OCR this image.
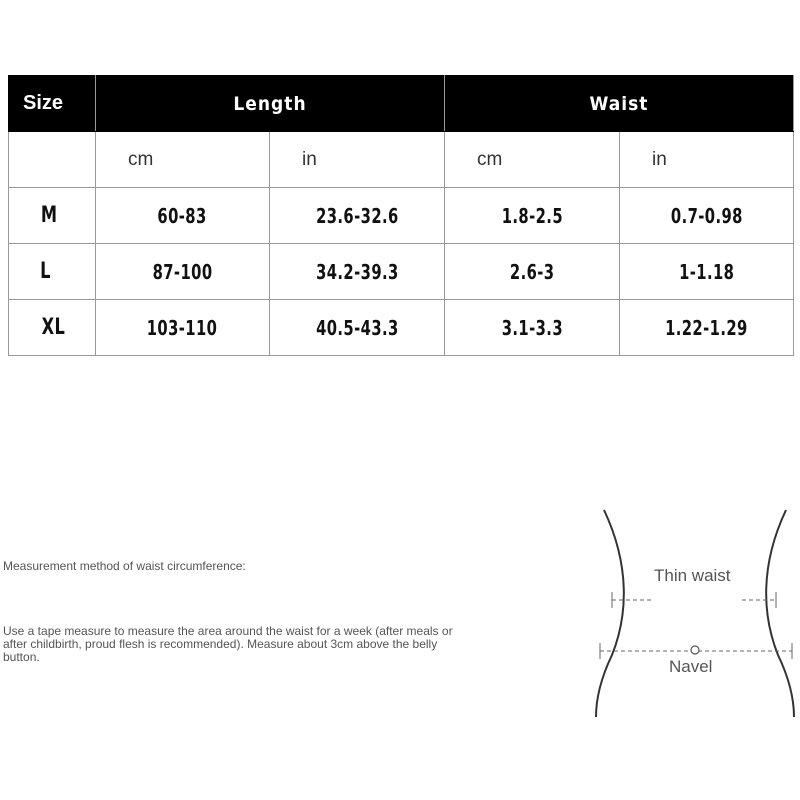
Size	Length		Waist	
	cm	in	cm	in
M	60-83	23.6-32.6	1.8-2.5	0.7-0.98
L	87-100	34.2-39.3	2.6-3	1-1.18
XL	103-110	40.5-43.3	3.1-3.3	1.22-1.29

Measurement method of waist circumference:

Use a tape measure to measure the area around the waist for a week (after meals or after childbirth, proud flesh is recommended). Measure about 3cm above the belly button.

Thin waist
Navel
